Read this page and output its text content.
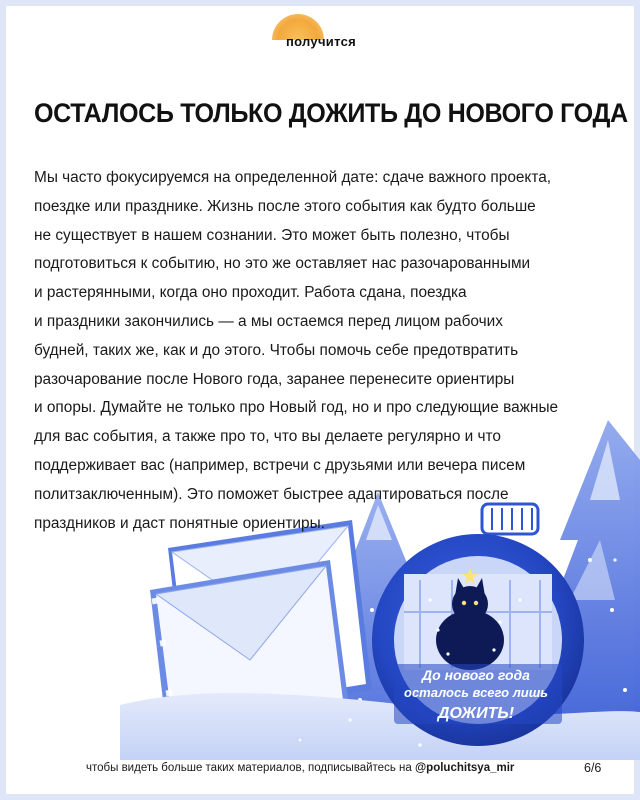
получится
ОСТАЛОСЬ ТОЛЬКО ДОЖИТЬ ДО НОВОГО ГОДА
Мы часто фокусируемся на определенной дате: сдаче важного проекта,
поездке или празднике. Жизнь после этого события как будто больше
не существует в нашем сознании. Это может быть полезно, чтобы
подготовиться к событию, но это же оставляет нас разочарованными
и растерянными, когда оно проходит. Работа сдана, поездка
и праздники закончились — а мы остаемся перед лицом рабочих
будней, таких же, как и до этого. Чтобы помочь себе предотвратить
разочарование после Нового года, заранее перенесите ориентиры
и опоры. Думайте не только про Новый год, но и про следующие важные
для вас события, а также про то, что вы делаете регулярно и что
поддерживает вас (например, встречи с друзьями или вечера писем
политзаключенным). Это поможет быстрее адаптироваться после
праздников и даст понятные ориентиры.
До нового года
осталось всего лишь
ДОЖИТЬ!
чтобы видеть больше таких материалов, подписывайтесь на @poluchitsya_mir	6/6
